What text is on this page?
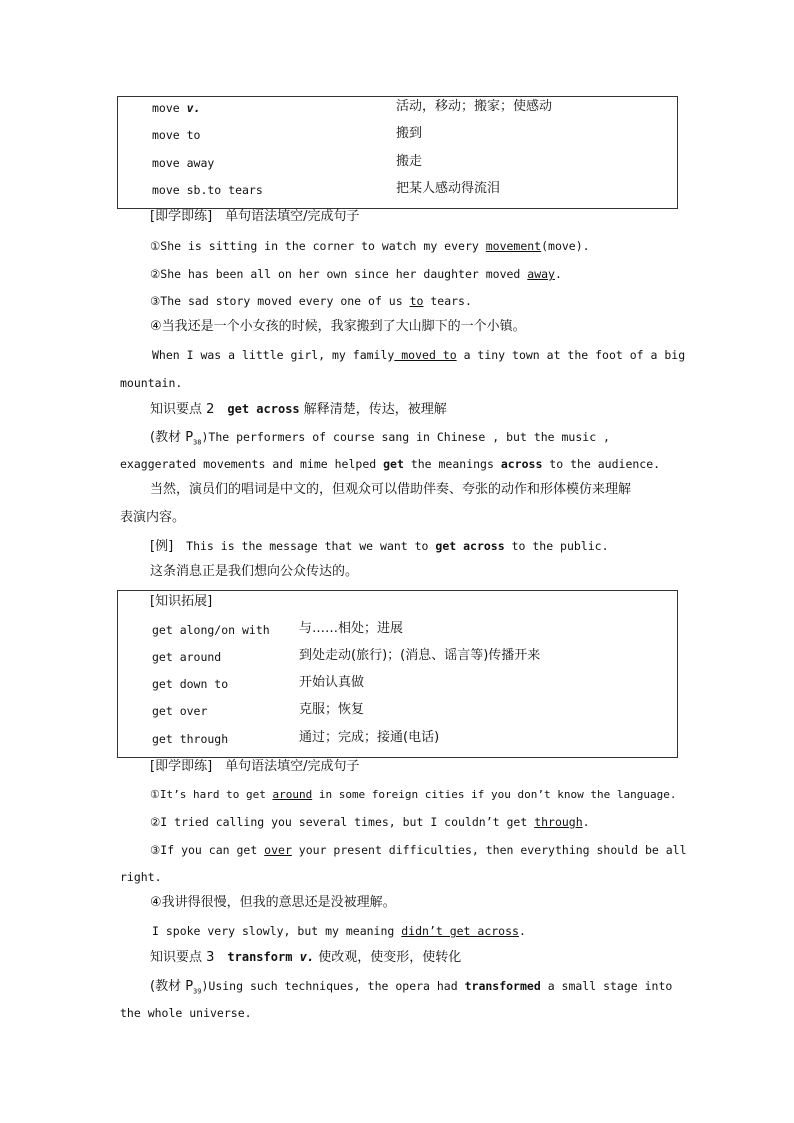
move v.	活动，移动；搬家；使感动
move to	搬到
move away	搬走
move sb.to tears	把某人感动得流泪
[即学即练]　单句语法填空/完成句子
①She is sitting in the corner to watch my every movement(move).
②She has been all on her own since her daughter moved away.
③The sad story moved every one of us to tears.
④当我还是一个小女孩的时候，我家搬到了大山脚下的一个小镇。
When I was a little girl, my family moved to a tiny town at the foot of a big
mountain.
知识要点 2　get across 解释清楚，传达，被理解
(教材 $P_{38})The$ performers of course sang in Chinese , but the music ,
exaggerated movements and mime helped get the meanings across to the audience.
当然，演员们的唱词是中文的，但观众可以借助伴奏、夸张的动作和形体模仿来理解
表演内容。
[例]　This is the message that we want to get across to the public.
这条消息正是我们想向公众传达的。
[知识拓展]
get along/on with 与……相处；进展
get around	到处走动(旅行)；(消息、谣言等)传播开来
get down to	开始认真做
get over	克服；恢复
get through	通过；完成；接通(电话)
[即学即练]　单句语法填空/完成句子
①It’s hard to get around in some foreign cities if you don’t know the language.
②I tried calling you several times, but I couldn’t get through.
③If you can get over your present difficulties, then everything should be all
right.
④我讲得很慢，但我的意思还是没被理解。
I spoke very slowly, but my meaning didn’t get across.
知识要点 3　transform v. 使改观，使变形，使转化
(教材 $P_{39})Using$ such techniques, the opera had transformed a small stage into
the whole universe.
